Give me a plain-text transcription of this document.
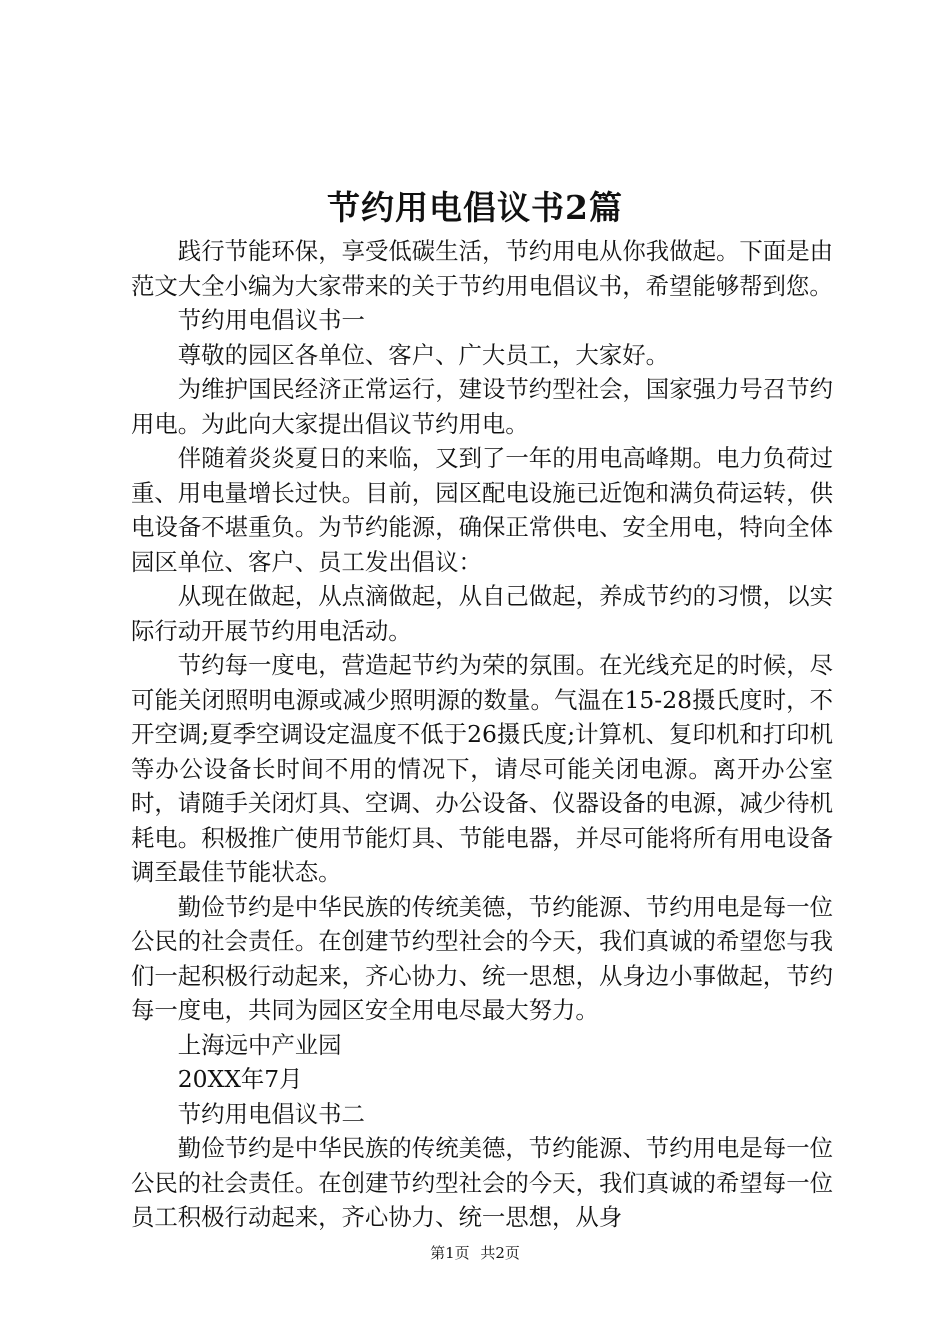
节约用电倡议书2篇

践行节能环保，享受低碳生活，节约用电从你我做起。下面是由范文大全小编为大家带来的关于节约用电倡议书，希望能够帮到您。

节约用电倡议书一

尊敬的园区各单位、客户、广大员工，大家好。

为维护国民经济正常运行，建设节约型社会，国家强力号召节约用电。为此向大家提出倡议节约用电。

伴随着炎炎夏日的来临，又到了一年的用电高峰期。电力负荷过重、用电量增长过快。目前，园区配电设施已近饱和满负荷运转，供电设备不堪重负。为节约能源，确保正常供电、安全用电，特向全体园区单位、客户、员工发出倡议：

从现在做起，从点滴做起，从自己做起，养成节约的习惯，以实际行动开展节约用电活动。

节约每一度电，营造起节约为荣的氛围。在光线充足的时候，尽可能关闭照明电源或减少照明源的数量。气温在15-28摄氏度时，不开空调;夏季空调设定温度不低于26摄氏度;计算机、复印机和打印机等办公设备长时间不用的情况下，请尽可能关闭电源。离开办公室时，请随手关闭灯具、空调、办公设备、仪器设备的电源，减少待机耗电。积极推广使用节能灯具、节能电器，并尽可能将所有用电设备调至最佳节能状态。

勤俭节约是中华民族的传统美德，节约能源、节约用电是每一位公民的社会责任。在创建节约型社会的今天，我们真诚的希望您与我们一起积极行动起来，齐心协力、统一思想，从身边小事做起，节约每一度电，共同为园区安全用电尽最大努力。

上海远中产业园

20XX年7月

节约用电倡议书二

勤俭节约是中华民族的传统美德，节约能源、节约用电是每一位公民的社会责任。在创建节约型社会的今天，我们真诚的希望每一位员工积极行动起来，齐心协力、统一思想，从身

第1页 共2页
